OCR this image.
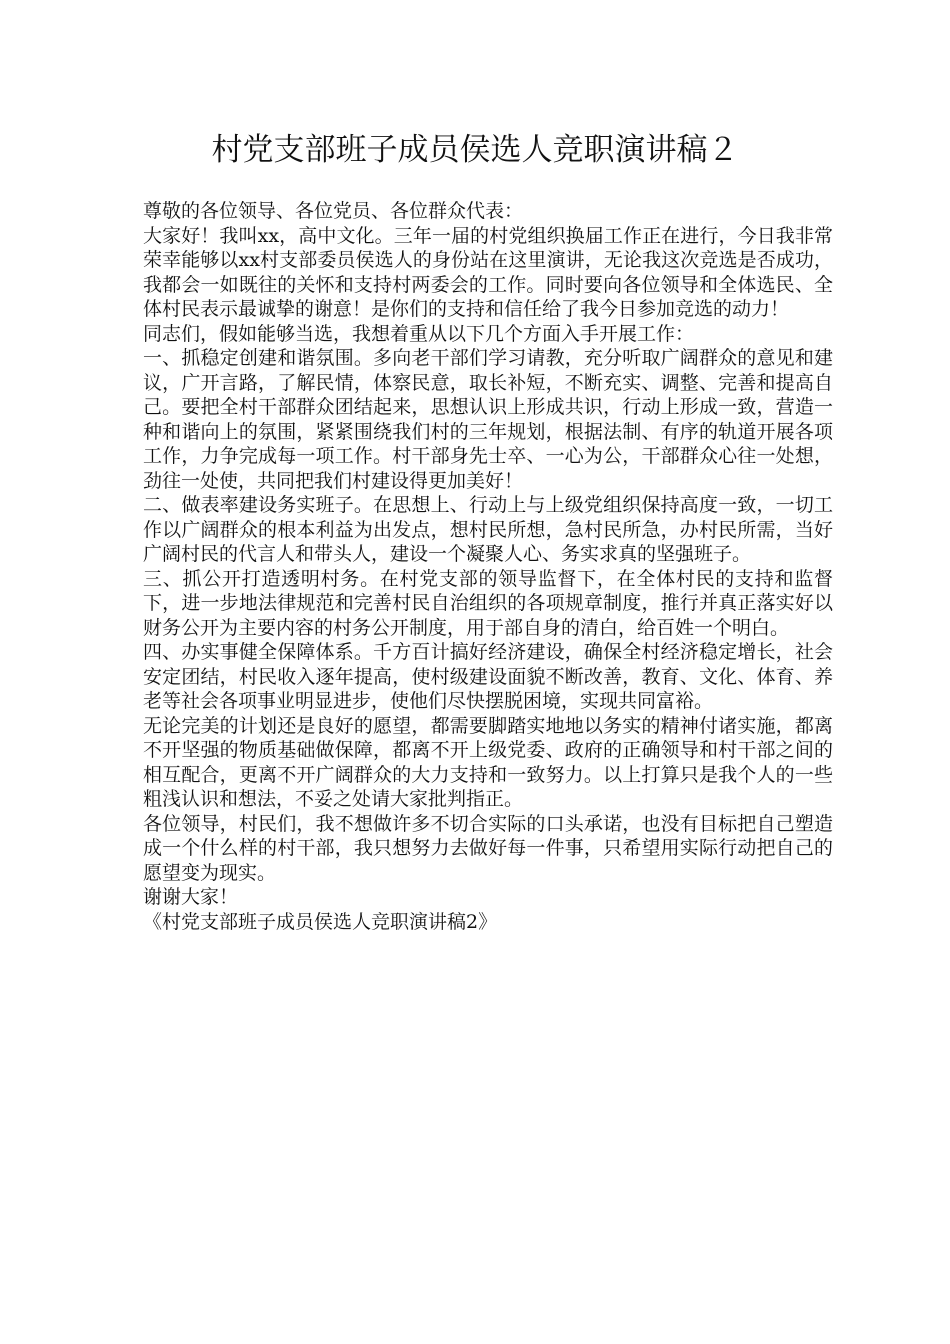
村党支部班子成员侯选人竞职演讲稿２

尊敬的各位领导、各位党员、各位群众代表：

大家好！我叫xx，高中文化。三年一届的村党组织换届工作正在进行，今日我非常荣幸能够以xx村支部委员侯选人的身份站在这里演讲，无论我这次竞选是否成功，我都会一如既往的关怀和支持村两委会的工作。同时要向各位领导和全体选民、全体村民表示最诚挚的谢意！是你们的支持和信任给了我今日参加竞选的动力！

同志们，假如能够当选，我想着重从以下几个方面入手开展工作：

一、抓稳定创建和谐氛围。多向老干部们学习请教，充分听取广阔群众的意见和建议，广开言路，了解民情，体察民意，取长补短，不断充实、调整、完善和提高自己。要把全村干部群众团结起来，思想认识上形成共识，行动上形成一致，营造一种和谐向上的氛围，紧紧围绕我们村的三年规划，根据法制、有序的轨道开展各项工作，力争完成每一项工作。村干部身先士卒、一心为公，干部群众心往一处想，劲往一处使，共同把我们村建设得更加美好！

二、做表率建设务实班子。在思想上、行动上与上级党组织保持高度一致，一切工作以广阔群众的根本利益为出发点，想村民所想，急村民所急，办村民所需，当好广阔村民的代言人和带头人，建设一个凝聚人心、务实求真的坚强班子。

三、抓公开打造透明村务。在村党支部的领导监督下，在全体村民的支持和监督下，进一步地法律规范和完善村民自治组织的各项规章制度，推行并真正落实好以财务公开为主要内容的村务公开制度，用于部自身的清白，给百姓一个明白。

四、办实事健全保障体系。千方百计搞好经济建设，确保全村经济稳定增长，社会安定团结，村民收入逐年提高，使村级建设面貌不断改善，教育、文化、体育、养老等社会各项事业明显进步，使他们尽快摆脱困境，实现共同富裕。

无论完美的计划还是良好的愿望，都需要脚踏实地地以务实的精神付诸实施，都离不开坚强的物质基础做保障，都离不开上级党委、政府的正确领导和村干部之间的相互配合，更离不开广阔群众的大力支持和一致努力。以上打算只是我个人的一些粗浅认识和想法，不妥之处请大家批判指正。

各位领导，村民们，我不想做许多不切合实际的口头承诺，也没有目标把自己塑造成一个什么样的村干部，我只想努力去做好每一件事，只希望用实际行动把自己的愿望变为现实。

谢谢大家！

《村党支部班子成员侯选人竞职演讲稿2》
